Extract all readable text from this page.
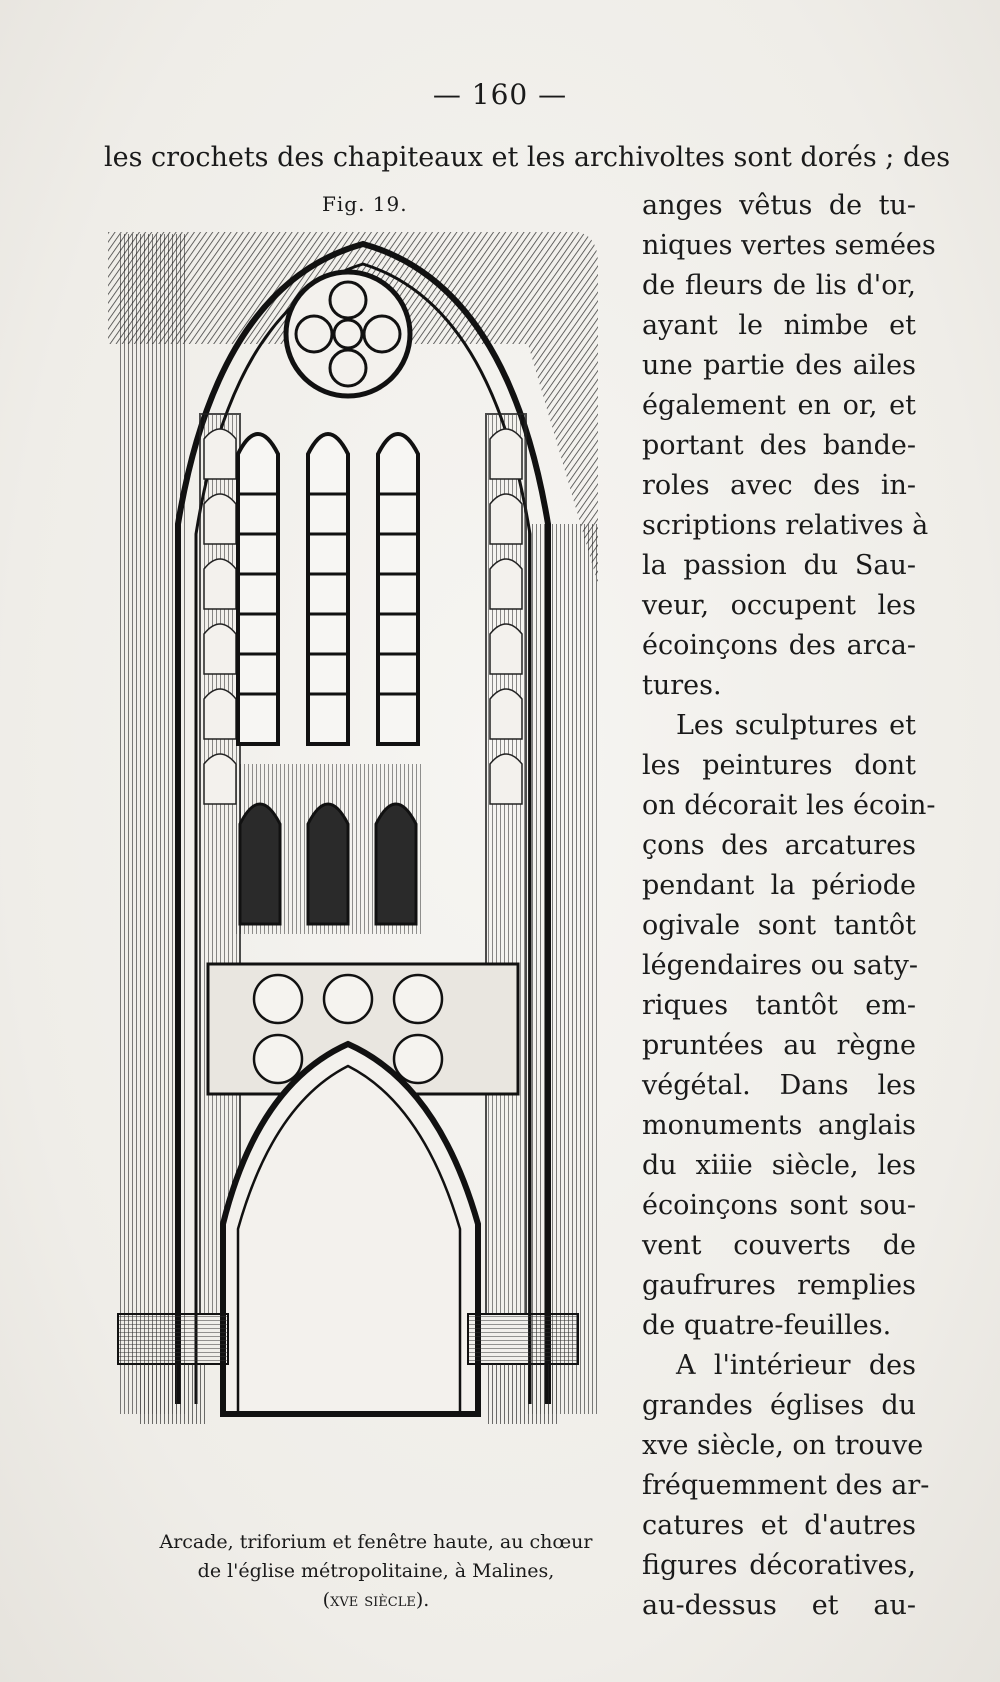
— 160 —
les crochets des chapiteaux et les archivoltes sont dorés ; des
Fig. 19.
Arcade, triforium et fenêtre haute, au chœur
de l'église métropolitaine, à Malines,
(xve siècle).
anges vêtus de tu-
niques vertes semées
de fleurs de lis d'or,
ayant le nimbe et
une partie des ailes
également en or, et
portant des bande-
roles avec des in-
scriptions relatives à
la passion du Sau-
veur, occupent les
écoinçons des arca-
tures.
Les sculptures et
les peintures dont
on décorait les écoin-
çons des arcatures
pendant la période
ogivale sont tantôt
légendaires ou saty-
riques tantôt em-
pruntées au règne
végétal. Dans les
monuments anglais
du xiiie siècle, les
écoinçons sont sou-
vent couverts de
gaufrures remplies
de quatre-feuilles.
A l'intérieur des
grandes églises du
xve siècle, on trouve
fréquemment des ar-
catures et d'autres
figures décoratives,
au-dessus et au-
